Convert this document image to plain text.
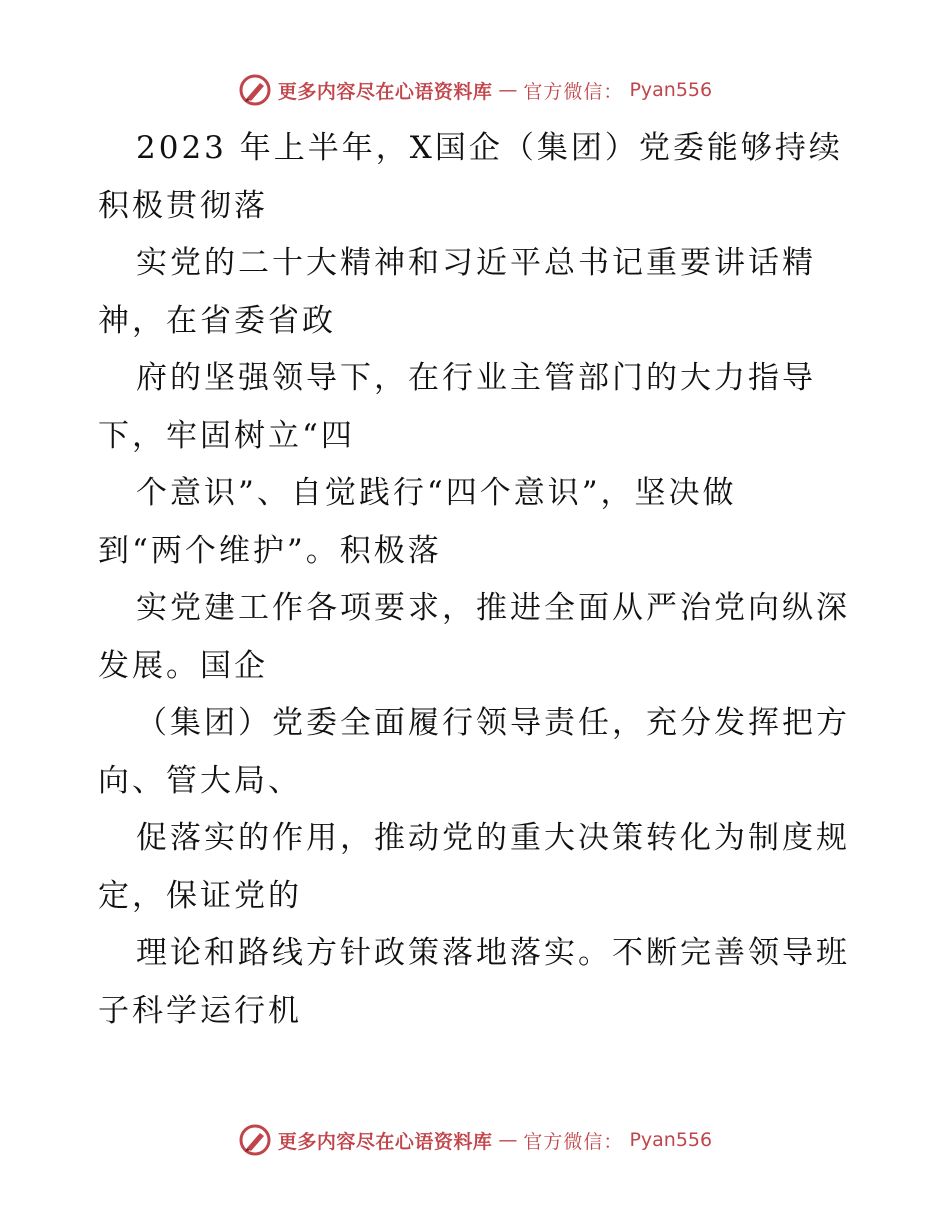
更多内容尽在心语资料库 — 官方微信： Pyan556
2023 年上半年，X国企（集团）党委能够持续
积极贯彻落
实党的二十大精神和习近平总书记重要讲话精
神，在省委省政
府的坚强领导下，在行业主管部门的大力指导
下，牢固树立“四
个意识”、自觉践行“四个意识”，坚决做
到“两个维护”。积极落
实党建工作各项要求，推进全面从严治党向纵深
发展。国企
（集团）党委全面履行领导责任，充分发挥把方
向、管大局、
促落实的作用，推动党的重大决策转化为制度规
定，保证党的
理论和路线方针政策落地落实。不断完善领导班
子科学运行机
更多内容尽在心语资料库 — 官方微信： Pyan556
